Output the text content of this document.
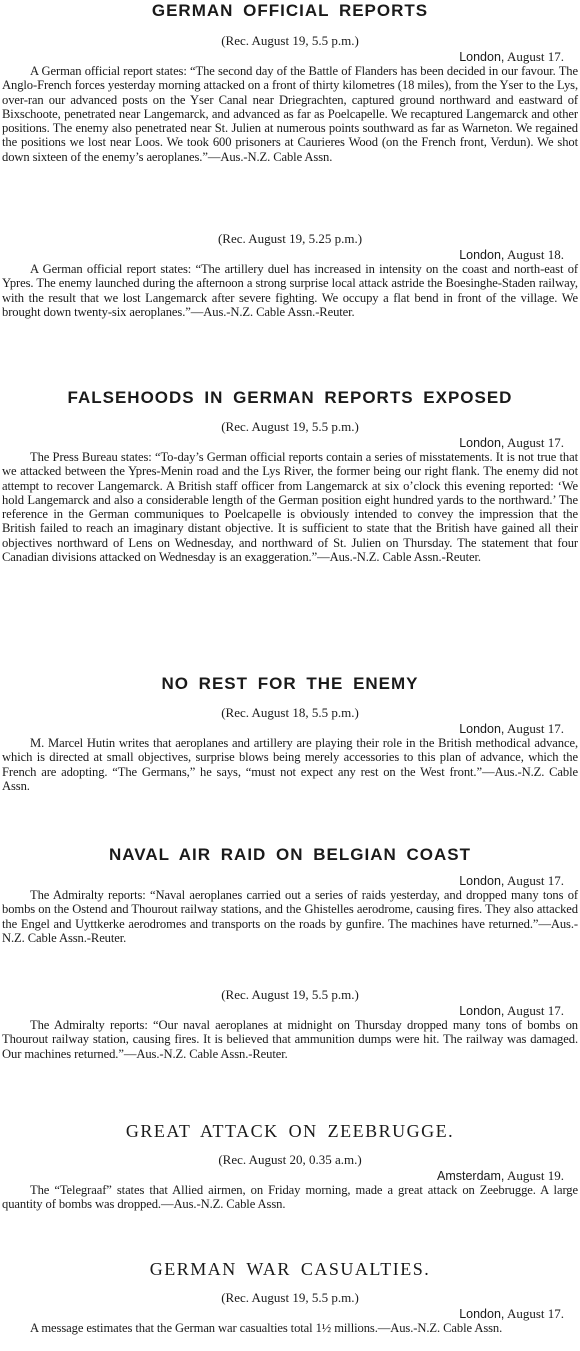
GERMAN OFFICIAL REPORTS

(Rec. August 19, 5.5 p.m.)

London, August 17.

A German official report states: “The second day of the Battle of Flanders has been decided in our favour. The Anglo-French forces yesterday morning attacked on a front of thirty kilometres (18 miles), from the Yser to the Lys, over-ran our advanced posts on the Yser Canal near Driegrachten, captured ground northward and eastward of Bixschoote, penetrated near Langemarck, and advanced as far as Poelcapelle. We recaptured Langemarck and other positions. The enemy also penetrated near St. Julien at numerous points southward as far as Warneton. We regained the positions we lost near Loos. We took 600 prisoners at Caurieres Wood (on the French front, Verdun). We shot down sixteen of the enemy’s aeroplanes.”—Aus.-N.Z. Cable Assn.

(Rec. August 19, 5.25 p.m.)

London, August 18.

A German official report states: “The artillery duel has increased in intensity on the coast and north-east of Ypres. The enemy launched during the afternoon a strong surprise local attack astride the Boesinghe-Staden railway, with the result that we lost Langemarck after severe fighting. We occupy a flat bend in front of the village. We brought down twenty-six aeroplanes.”—Aus.-N.Z. Cable Assn.-Reuter.

FALSEHOODS IN GERMAN REPORTS EXPOSED

(Rec. August 19, 5.5 p.m.)

London, August 17.

The Press Bureau states: “To-day’s German official reports contain a series of misstatements. It is not true that we attacked between the Ypres-Menin road and the Lys River, the former being our right flank. The enemy did not attempt to recover Langemarck. A British staff officer from Langemarck at six o’clock this evening reported: ‘We hold Langemarck and also a considerable length of the German position eight hundred yards to the northward.’ The reference in the German communiques to Poelcapelle is obviously intended to convey the impression that the British failed to reach an imaginary distant objective. It is sufficient to state that the British have gained all their objectives northward of Lens on Wednesday, and northward of St. Julien on Thursday. The statement that four Canadian divisions attacked on Wednesday is an exaggeration.”—Aus.-N.Z. Cable Assn.-Reuter.

NO REST FOR THE ENEMY

(Rec. August 18, 5.5 p.m.)

London, August 17.

M. Marcel Hutin writes that aeroplanes and artillery are playing their role in the British methodical advance, which is directed at small objectives, surprise blows being merely accessories to this plan of advance, which the French are adopting. “The Germans,” he says, “must not expect any rest on the West front.”—Aus.-N.Z. Cable Assn.

NAVAL AIR RAID ON BELGIAN COAST

London, August 17.

The Admiralty reports: “Naval aeroplanes carried out a series of raids yesterday, and dropped many tons of bombs on the Ostend and Thourout railway stations, and the Ghistelles aerodrome, causing fires. They also attacked the Engel and Uyttkerke aerodromes and transports on the roads by gunfire. The machines have returned.”—Aus.-N.Z. Cable Assn.-Reuter.

(Rec. August 19, 5.5 p.m.)

London, August 17.

The Admiralty reports: “Our naval aeroplanes at midnight on Thursday dropped many tons of bombs on Thourout railway station, causing fires. It is believed that ammunition dumps were hit. The railway was damaged. Our machines returned.”—Aus.-N.Z. Cable Assn.-Reuter.

GREAT ATTACK ON ZEEBRUGGE.

(Rec. August 20, 0.35 a.m.)

Amsterdam, August 19.

The “Telegraaf” states that Allied airmen, on Friday morning, made a great attack on Zeebrugge. A large quantity of bombs was dropped.—Aus.-N.Z. Cable Assn.

GERMAN WAR CASUALTIES.

(Rec. August 19, 5.5 p.m.)

London, August 17.

A message estimates that the German war casualties total 1½ millions.—Aus.-N.Z. Cable Assn.
